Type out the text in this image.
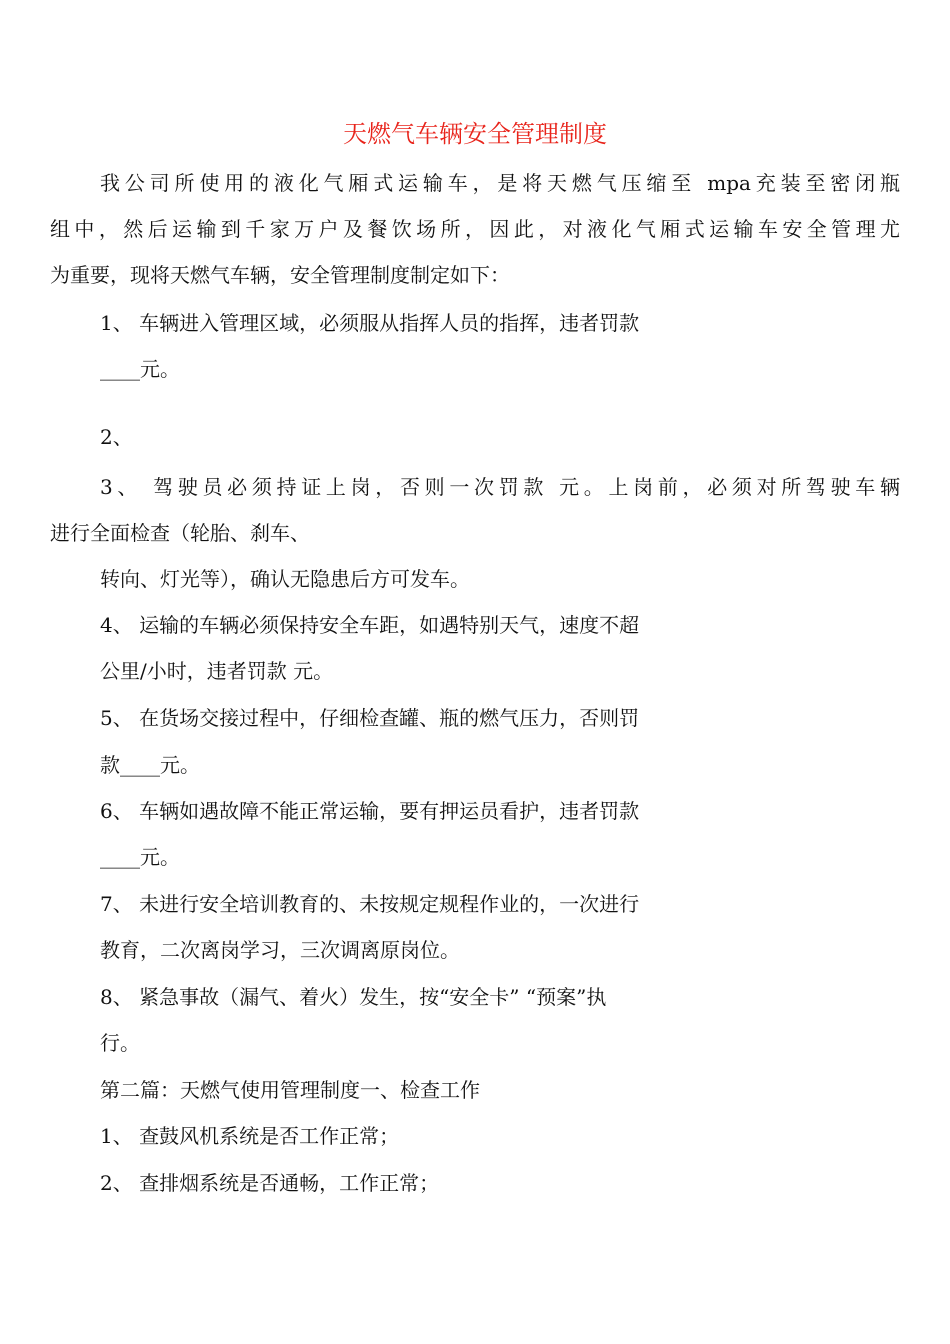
天燃气车辆安全管理制度
我公司所使用的液化气厢式运输车，是将天燃气压缩至 mpa充装至密闭瓶
组中，然后运输到千家万户及餐饮场所，因此，对液化气厢式运输车安全管理尤
为重要，现将天燃气车辆，安全管理制度制定如下：
1、 车辆进入管理区域，必须服从指挥人员的指挥，违者罚款
____元。
2、
3、 驾驶员必须持证上岗，否则一次罚款 元。上岗前，必须对所驾驶车辆
进行全面检查（轮胎、刹车、
转向、灯光等），确认无隐患后方可发车。
4、 运输的车辆必须保持安全车距，如遇特别天气，速度不超
公里/小时，违者罚款 元。
5、 在货场交接过程中，仔细检查罐、瓶的燃气压力，否则罚
款____元。
6、 车辆如遇故障不能正常运输，要有押运员看护，违者罚款
____元。
7、 未进行安全培训教育的、未按规定规程作业的，一次进行
教育，二次离岗学习，三次调离原岗位。
8、 紧急事故（漏气、着火）发生，按“安全卡” “预案”执
行。
第二篇：天燃气使用管理制度一、检查工作
1、 查鼓风机系统是否工作正常；
2、 查排烟系统是否通畅，工作正常；
